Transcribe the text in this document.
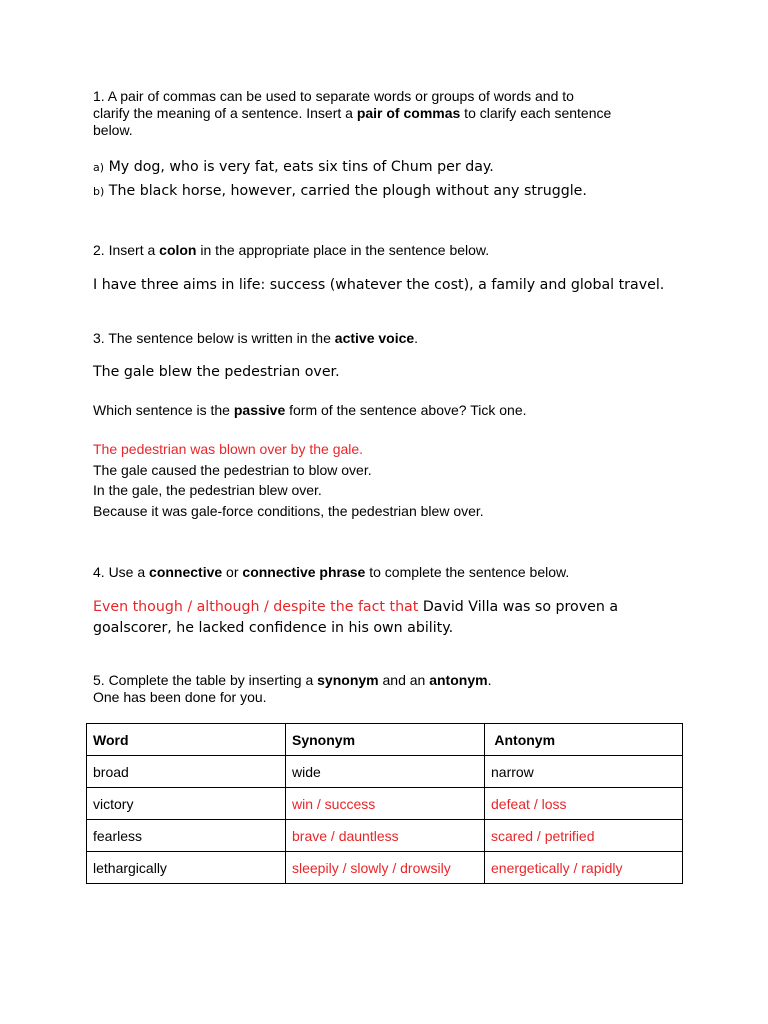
1. A pair of commas can be used to separate words or groups of words and to
clarify the meaning of a sentence. Insert a pair of commas to clarify each sentence
below.
a) My dog, who is very fat, eats six tins of Chum per day.
b) The black horse, however, carried the plough without any struggle.
2. Insert a colon in the appropriate place in the sentence below.
I have three aims in life: success (whatever the cost), a family and global travel.
3. The sentence below is written in the active voice.
The gale blew the pedestrian over.
Which sentence is the passive form of the sentence above? Tick one.
The pedestrian was blown over by the gale.
The gale caused the pedestrian to blow over.
In the gale, the pedestrian blew over.
Because it was gale-force conditions, the pedestrian blew over.
4. Use a connective or connective phrase to complete the sentence below.
Even though / although / despite the fact that David Villa was so proven a
goalscorer, he lacked confidence in his own ability.
5. Complete the table by inserting a synonym and an antonym.
One has been done for you.
Word	Synonym	Antonym
broad	wide	narrow
victory	win / success	defeat / loss
fearless	brave / dauntless	scared / petrified
lethargically	sleepily / slowly / drowsily	energetically / rapidly
